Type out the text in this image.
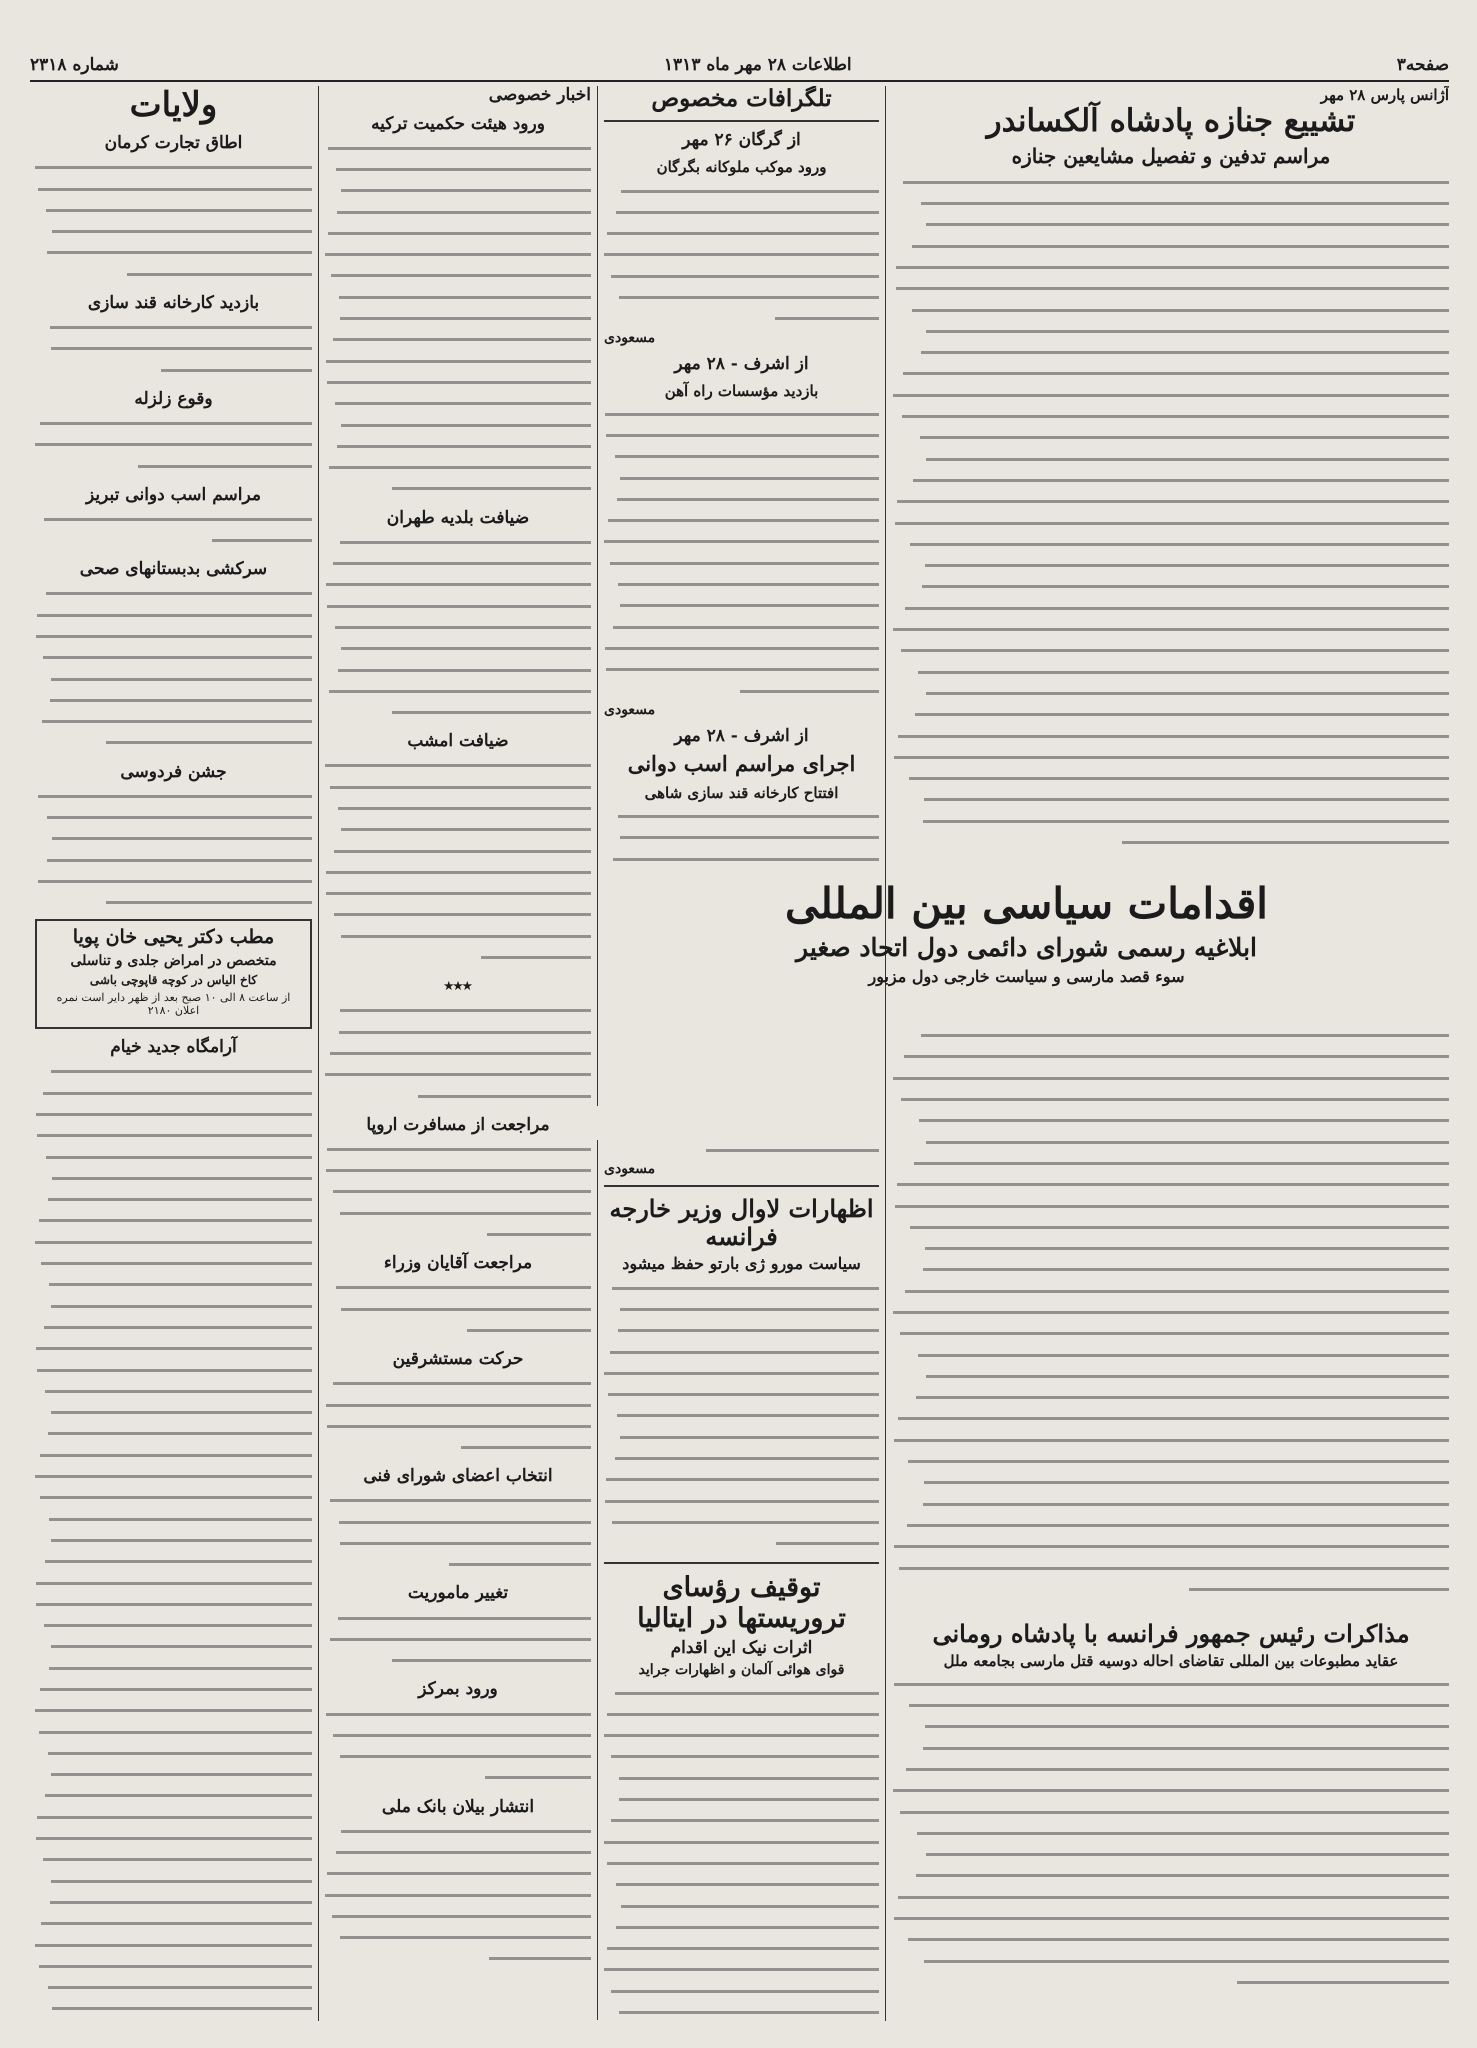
صفحه۳
اطلاعات ۲۸ مهر ماه ۱۳۱۳
شماره ۲۳۱۸
آژانس پارس ۲۸ مهر
تشییع جنازه پادشاه آلکساندر
مراسم تدفین و تفصیل مشایعین جنازه
اقدامات سیاسی بین المللی
ابلاغیه رسمی شورای دائمی دول اتحاد صغیر
سوء قصد مارسی و سیاست خارجی دول مزبور
مذاکرات رئیس جمهور فرانسه با پادشاه رومانی
عقاید مطبوعات بین المللی تقاضای احاله دوسیه قتل مارسی بجامعه ملل
تلگرافات مخصوص
از گرگان ۲۶ مهر
ورود موکب ملوکانه بگرگان
مسعودی
از اشرف - ۲۸ مهر
بازدید مؤسسات راه آهن
مسعودی
از اشرف - ۲۸ مهر
اجرای مراسم اسب دوانی
افتتاح کارخانه قند سازی شاهی
مسعودی
اظهارات لاوال وزیر خارجه فرانسه
سیاست مورو ژی بارتو حفظ میشود
توقیف رؤسای تروریستها در ایتالیا
اثرات نیک این اقدام
قوای هوائی آلمان و اظهارات جراید
اخبار خصوصی
ورود هیئت حکمیت ترکیه
ضیافت بلدیه طهران
ضیافت امشب
٭٭٭
مراجعت از مسافرت اروپا
مراجعت آقایان وزراء
حرکت مستشرقین
انتخاب اعضای شورای فنی
تغییر ماموریت
ورود بمرکز
انتشار بیلان بانک ملی
ولایات
اطاق تجارت کرمان
بازدید کارخانه قند سازی
وقوع زلزله
مراسم اسب دوانی تبریز
سرکشی بدبستانهای صحی
جشن فردوسی
مطب دکتر یحیی خان پویا
متخصص در امراض جلدی و تناسلی
کاخ الیاس در کوچه قاپوچی باشی
از ساعت ۸ الی ۱۰ صبح بعد از ظهر دایر است نمره اعلان ۲۱۸۰
آرامگاه جدید خیام
